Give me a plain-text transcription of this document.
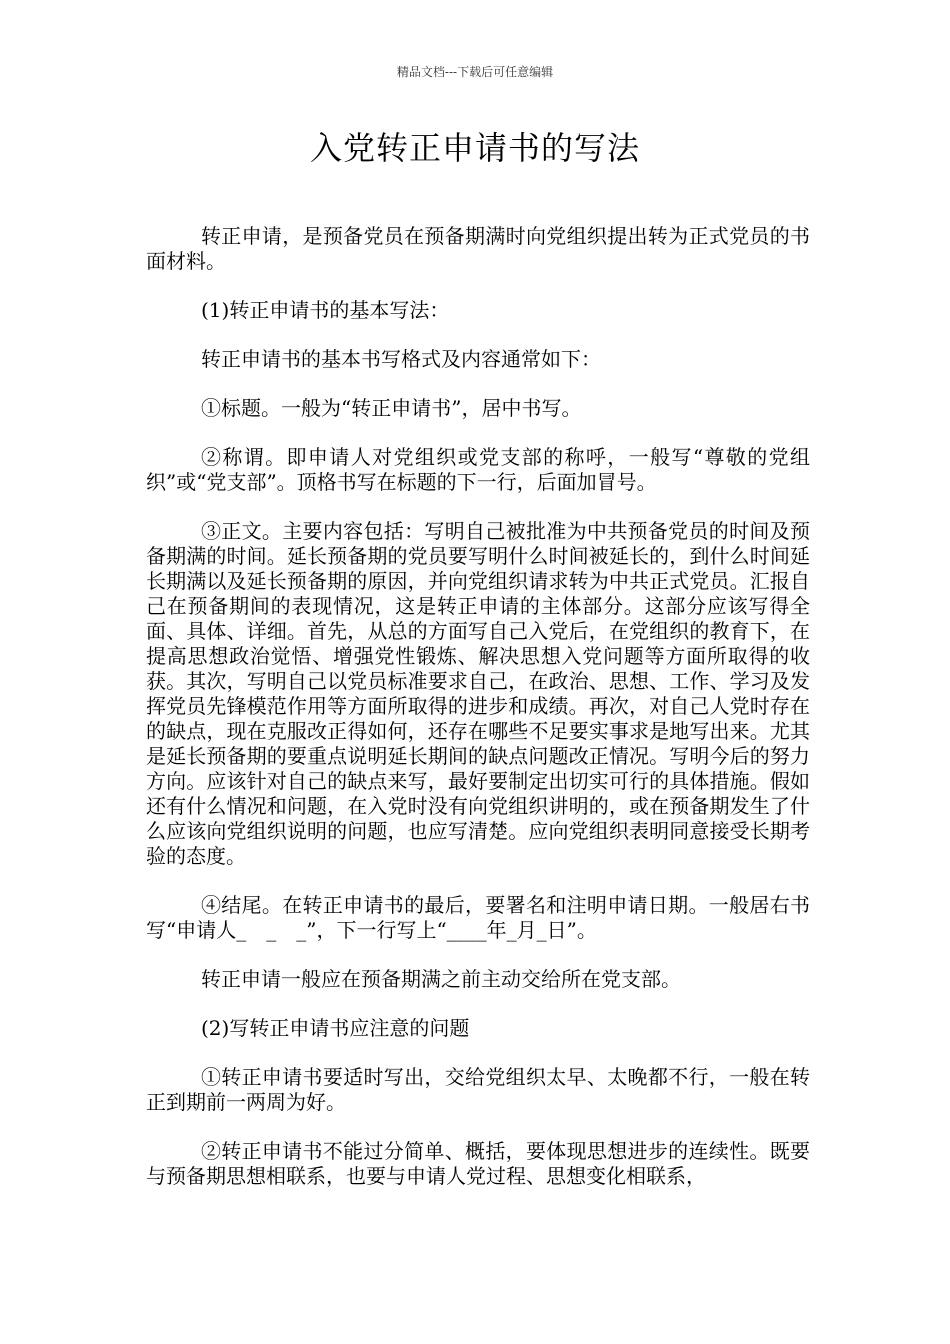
精品文档---下载后可任意编辑
入党转正申请书的写法

转正申请，是预备党员在预备期满时向党组织提出转为正式党员的书面材料。

(1)转正申请书的基本写法：

转正申请书的基本书写格式及内容通常如下：

①标题。一般为“转正申请书”，居中书写。

②称谓。即申请人对党组织或党支部的称呼，一般写“尊敬的党组织”或“党支部”。顶格书写在标题的下一行，后面加冒号。

③正文。主要内容包括：写明自己被批准为中共预备党员的时间及预备期满的时间。延长预备期的党员要写明什么时间被延长的，到什么时间延长期满以及延长预备期的原因，并向党组织请求转为中共正式党员。汇报自己在预备期间的表现情况，这是转正申请的主体部分。这部分应该写得全面、具体、详细。首先，从总的方面写自己入党后，在党组织的教育下，在提高思想政治觉悟、增强党性锻炼、解决思想入党问题等方面所取得的收获。其次，写明自己以党员标准要求自己，在政治、思想、工作、学习及发挥党员先锋模范作用等方面所取得的进步和成绩。再次，对自己人党时存在的缺点，现在克服改正得如何，还存在哪些不足要实事求是地写出来。尤其是延长预备期的要重点说明延长期间的缺点问题改正情况。写明今后的努力方向。应该针对自己的缺点来写，最好要制定出切实可行的具体措施。假如还有什么情况和问题，在入党时没有向党组织讲明的，或在预备期发生了什么应该向党组织说明的问题，也应写清楚。应向党组织表明同意接受长期考验的态度。

④结尾。在转正申请书的最后，要署名和注明申请日期。一般居右书写“申请人_　_　_”，下一行写上“____年_月_日”。

转正申请一般应在预备期满之前主动交给所在党支部。

(2)写转正申请书应注意的问题

①转正申请书要适时写出，交给党组织太早、太晚都不行，一般在转正到期前一两周为好。

②转正申请书不能过分简单、概括，要体现思想进步的连续性。既要与预备期思想相联系，也要与申请人党过程、思想变化相联系，
